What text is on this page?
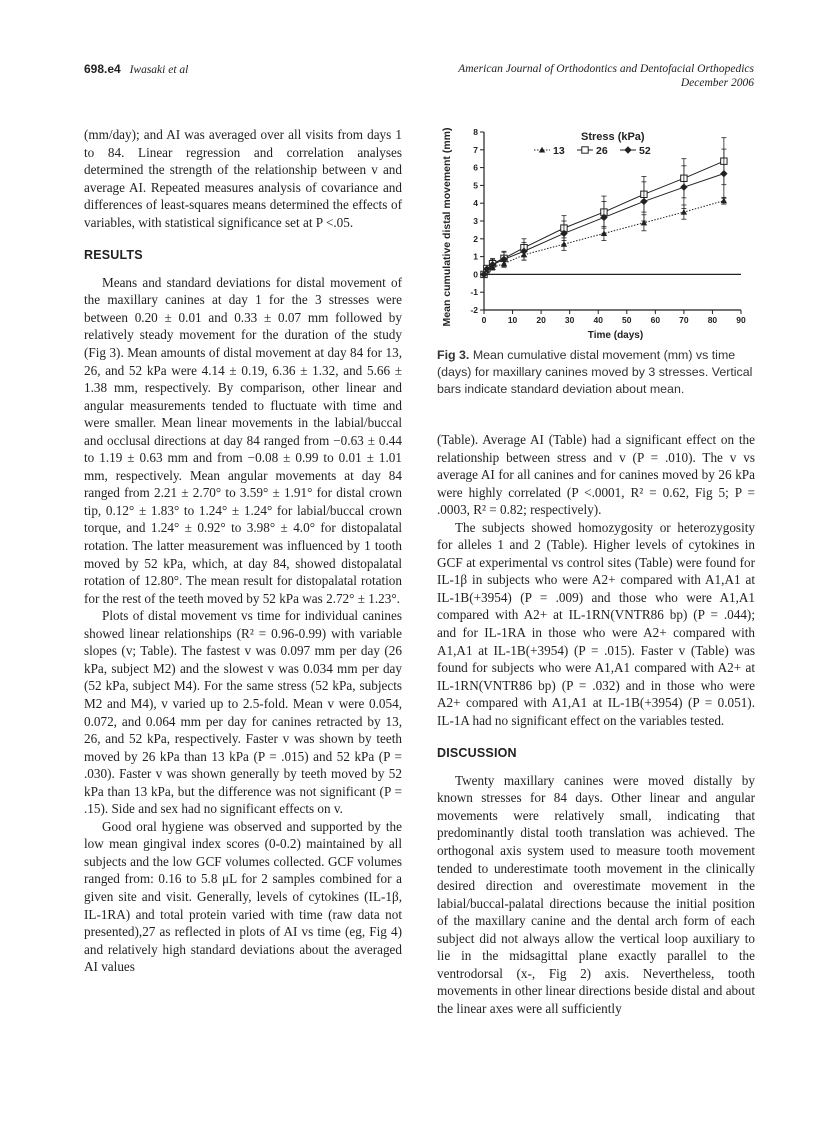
698.e4 Iwasaki et al	American Journal of Orthodontics and Dentofacial Orthopedics
December 2006

(mm/day); and AI was averaged over all visits from days 1 to 84. Linear regression and correlation analyses determined the strength of the relationship between v and average AI. Repeated measures analysis of covariance and differences of least-squares means determined the effects of variables, with statistical significance set at P <.05.

RESULTS

Means and standard deviations for distal movement of the maxillary canines at day 1 for the 3 stresses were between 0.20 ± 0.01 and 0.33 ± 0.07 mm followed by relatively steady movement for the duration of the study (Fig 3). Mean amounts of distal movement at day 84 for 13, 26, and 52 kPa were 4.14 ± 0.19, 6.36 ± 1.32, and 5.66 ± 1.38 mm, respectively. By comparison, other linear and angular measurements tended to fluctuate with time and were smaller. Mean linear movements in the labial/buccal and occlusal directions at day 84 ranged from −0.63 ± 0.44 to 1.19 ± 0.63 mm and from −0.08 ± 0.99 to 0.01 ± 1.01 mm, respectively. Mean angular movements at day 84 ranged from 2.21 ± 2.70° to 3.59° ± 1.91° for distal crown tip, 0.12° ± 1.83° to 1.24° ± 1.24° for labial/buccal crown torque, and 1.24° ± 0.92° to 3.98° ± 4.0° for distopalatal rotation. The latter measurement was influenced by 1 tooth moved by 52 kPa, which, at day 84, showed distopalatal rotation of 12.80°. The mean result for distopalatal rotation for the rest of the teeth moved by 52 kPa was 2.72° ± 1.23°.

Plots of distal movement vs time for individual canines showed linear relationships (R² = 0.96-0.99) with variable slopes (v; Table). The fastest v was 0.097 mm per day (26 kPa, subject M2) and the slowest v was 0.034 mm per day (52 kPa, subject M4). For the same stress (52 kPa, subjects M2 and M4), v varied up to 2.5-fold. Mean v were 0.054, 0.072, and 0.064 mm per day for canines retracted by 13, 26, and 52 kPa, respectively. Faster v was shown by teeth moved by 26 kPa than 13 kPa (P = .015) and 52 kPa (P = .030). Faster v was shown generally by teeth moved by 52 kPa than 13 kPa, but the difference was not significant (P = .15). Side and sex had no significant effects on v.

Good oral hygiene was observed and supported by the low mean gingival index scores (0-0.2) maintained by all subjects and the low GCF volumes collected. GCF volumes ranged from: 0.16 to 5.8 μL for 2 samples combined for a given site and visit. Generally, levels of cytokines (IL-1β, IL-1RA) and total protein varied with time (raw data not presented),27 as reflected in plots of AI vs time (eg, Fig 4) and relatively high standard deviations about the averaged AI values

-2
-1
0
1
2
3
4
5
6
7
8
0	10 20 30 40 50 60 70 80 90
Time (days)
Mean cumulative distal movement (mm)	Stress (kPa)
13	26	52
Fig 3. Mean cumulative distal movement (mm) vs time (days) for maxillary canines moved by 3 stresses. Vertical bars indicate standard deviation about mean.

(Table). Average AI (Table) had a significant effect on the relationship between stress and v (P = .010). The v vs average AI for all canines and for canines moved by 26 kPa were highly correlated (P <.0001, R² = 0.62, Fig 5; P = .0003, R² = 0.82; respectively).

The subjects showed homozygosity or heterozygosity for alleles 1 and 2 (Table). Higher levels of cytokines in GCF at experimental vs control sites (Table) were found for IL-1β in subjects who were A2+ compared with A1,A1 at IL-1B(+3954) (P = .009) and those who were A1,A1 compared with A2+ at IL-1RN(VNTR86 bp) (P = .044); and for IL-1RA in those who were A2+ compared with A1,A1 at IL-1B(+3954) (P = .015). Faster v (Table) was found for subjects who were A1,A1 compared with A2+ at IL-1RN(VNTR86 bp) (P = .032) and in those who were A2+ compared with A1,A1 at IL-1B(+3954) (P = 0.051). IL-1A had no significant effect on the variables tested.

DISCUSSION

Twenty maxillary canines were moved distally by known stresses for 84 days. Other linear and angular movements were relatively small, indicating that predominantly distal tooth translation was achieved. The orthogonal axis system used to measure tooth movement tended to underestimate tooth movement in the clinically desired direction and overestimate movement in the labial/buccal-palatal directions because the initial position of the maxillary canine and the dental arch form of each subject did not always allow the vertical loop auxiliary to lie in the midsagittal plane exactly parallel to the ventrodorsal (x-, Fig 2) axis. Nevertheless, tooth movements in other linear directions beside distal and about the linear axes were all sufficiently
